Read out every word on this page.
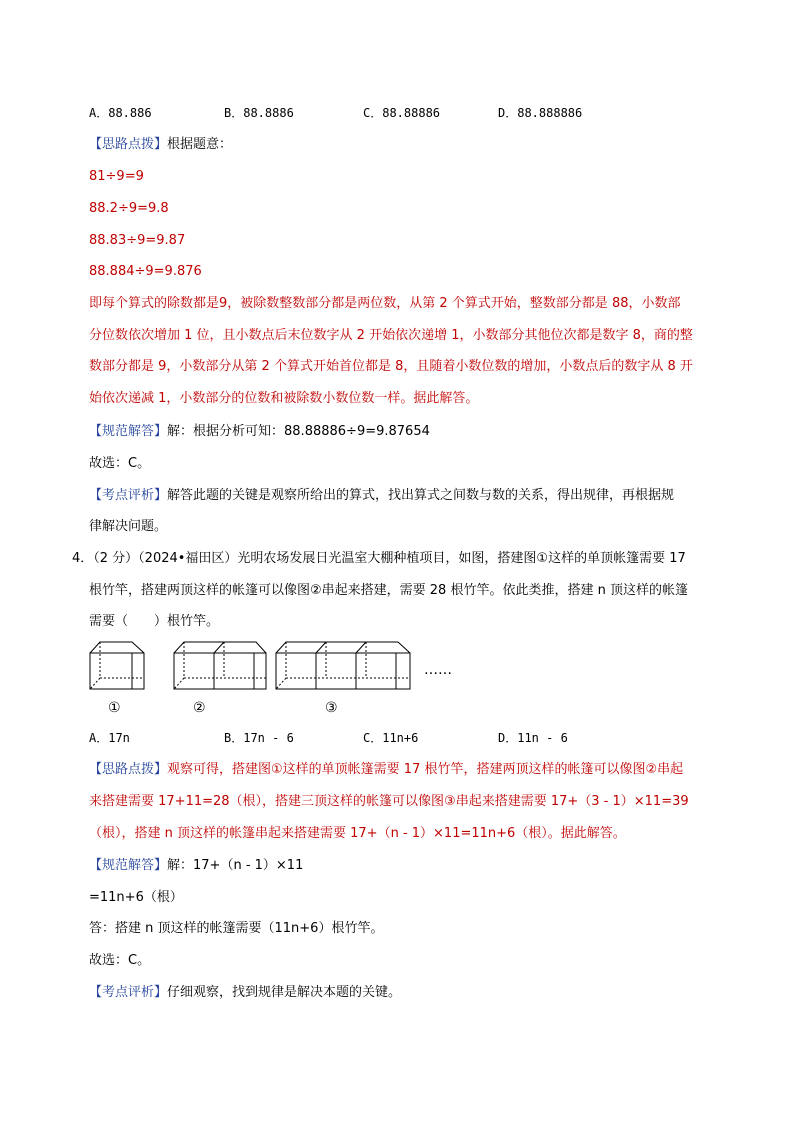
A．88.886	B．88.8886	C．88.88886	D．88.888886
【思路点拨】根据题意：
81÷9=9
88.2÷9=9.8
88.83÷9=9.87
88.884÷9=9.876
即每个算式的除数都是9，被除数整数部分都是两位数，从第 2 个算式开始，整数部分都是 88，小数部
分位数依次增加 1 位，且小数点后末位数字从 2 开始依次递增 1，小数部分其他位次都是数字 8，商的整
数部分都是 9，小数部分从第 2 个算式开始首位都是 8，且随着小数位数的增加，小数点后的数字从 8 开
始依次递减 1，小数部分的位数和被除数小数位数一样。据此解答。
【规范解答】解：根据分析可知：88.88886÷9=9.87654
故选：C。
【考点评析】解答此题的关键是观察所给出的算式，找出算式之间数与数的关系，得出规律，再根据规
律解决问题。
4．（2 分）（2024•福田区）光明农场发展日光温室大棚种植项目，如图，搭建图①这样的单顶帐篷需要 17
根竹竿，搭建两顶这样的帐篷可以像图②串起来搭建，需要 28 根竹竿。依此类推，搭建 n 顶这样的帐篷
需要（　　）根竹竿。
……
①	②	③
A．17n	B．17n - 6	C．11n+6	D．11n - 6
【思路点拨】观察可得，搭建图①这样的单顶帐篷需要 17 根竹竿，搭建两顶这样的帐篷可以像图②串起
来搭建需要 17+11=28（根），搭建三顶这样的帐篷可以像图③串起来搭建需要 17+（3 - 1）×11=39
（根），搭建 n 顶这样的帐篷串起来搭建需要 17+（n - 1）×11=11n+6（根）。据此解答。
【规范解答】解：17+（n - 1）×11
=11n+6（根）
答：搭建 n 顶这样的帐篷需要（11n+6）根竹竿。
故选：C。
【考点评析】仔细观察，找到规律是解决本题的关键。
